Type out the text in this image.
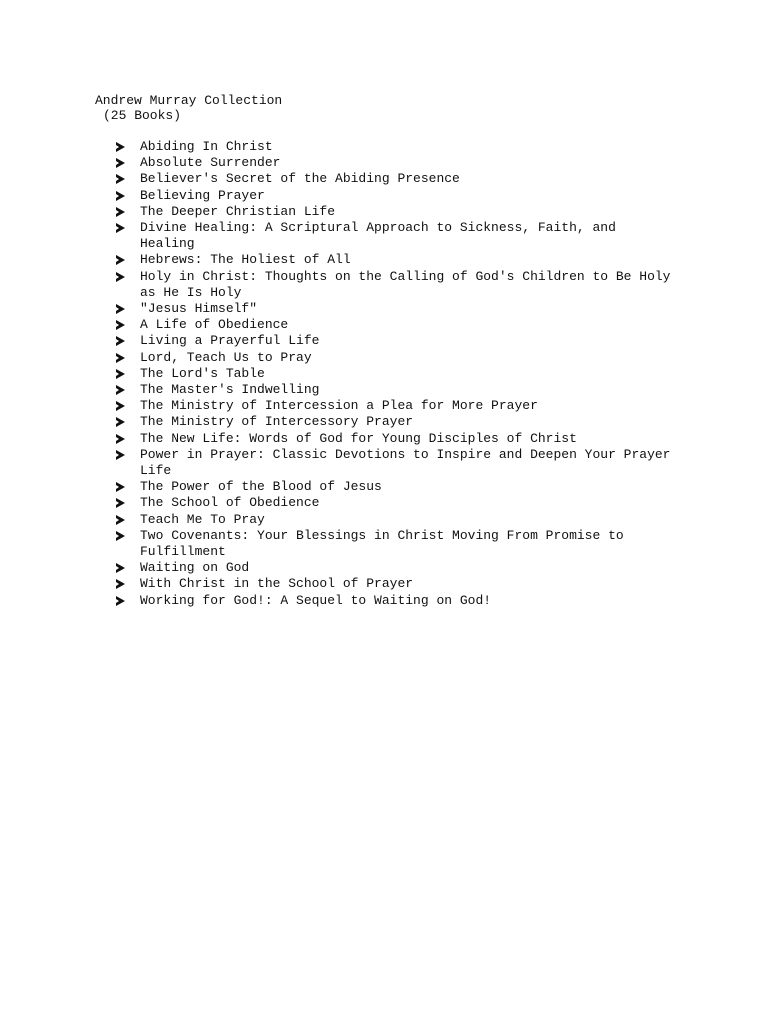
Andrew Murray Collection
(25 Books)
Abiding In Christ
Absolute Surrender
Believer's Secret of the Abiding Presence
Believing Prayer
The Deeper Christian Life
Divine Healing: A Scriptural Approach to Sickness, Faith, and Healing
Hebrews: The Holiest of All
Holy in Christ: Thoughts on the Calling of God's Children to Be Holy as He Is Holy
"Jesus Himself"
A Life of Obedience
Living a Prayerful Life
Lord, Teach Us to Pray
The Lord's Table
The Master's Indwelling
The Ministry of Intercession a Plea for More Prayer
The Ministry of Intercessory Prayer
The New Life: Words of God for Young Disciples of Christ
Power in Prayer: Classic Devotions to Inspire and Deepen Your Prayer Life
The Power of the Blood of Jesus
The School of Obedience
Teach Me To Pray
Two Covenants: Your Blessings in Christ Moving From Promise to Fulfillment
Waiting on God
With Christ in the School of Prayer
Working for God!: A Sequel to Waiting on God!
